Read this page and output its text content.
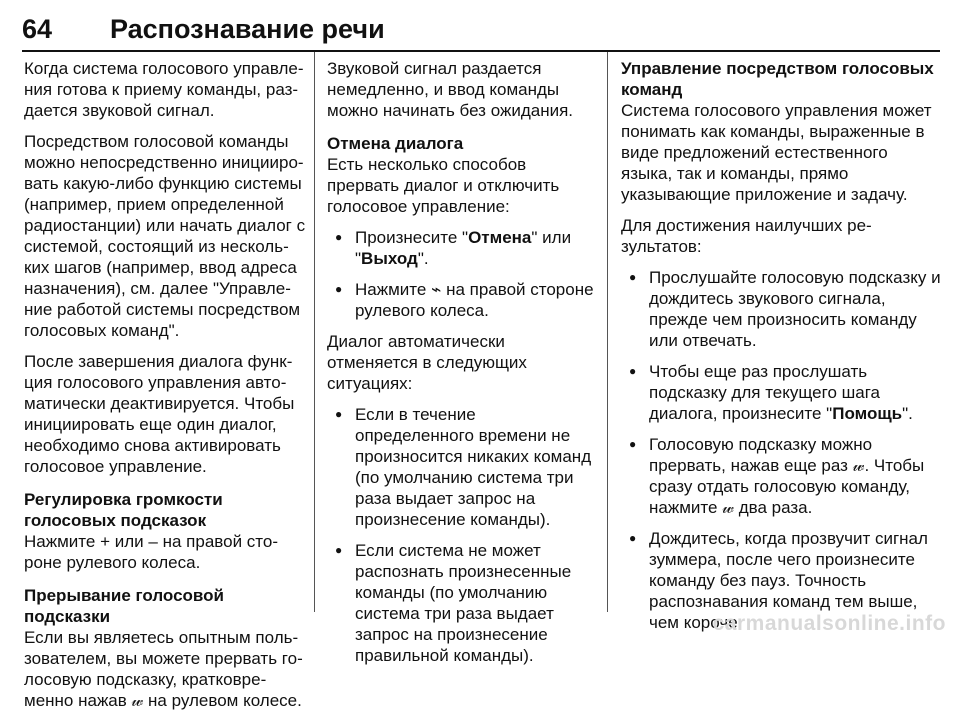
64 Распознавание речи

Когда система голосового управления готова к приему команды, раздается звуковой сигнал.

Посредством голосовой команды можно непосредственно инициировать какую-либо функцию системы (например, прием определенной радиостанции) или начать диалог с системой, состоящий из нескольких шагов (например, ввод адреса назначения), см. далее "Управление работой системы посредством голосовых команд".

После завершения диалога функция голосового управления автоматически деактивируется. Чтобы инициировать еще один диалог, необходимо снова активировать голосовое управление.

Регулировка громкости голосовых подсказок

Нажмите + или – на правой стороне рулевого колеса.

Прерывание голосовой подсказки

Если вы являетесь опытным пользователем, вы можете прервать голосовую подсказку, кратковременно нажав 𝓌 на рулевом колесе.

Звуковой сигнал раздается немедленно, и ввод команды можно начинать без ожидания.

Отмена диалога

Есть несколько способов прервать диалог и отключить голосовое управление:

● Произнесите "Отмена" или "Выход".
● Нажмите ⌁ на правой стороне рулевого колеса.

Диалог автоматически отменяется в следующих ситуациях:

● Если в течение определенного времени не произносится никаких команд (по умолчанию система три раза выдает запрос на произнесение команды).
● Если система не может распознать произнесенные команды (по умолчанию система три раза выдает запрос на произнесение правильной команды).
Управление посредством голосовых команд

Система голосового управления может понимать как команды, выраженные в виде предложений естественного языка, так и команды, прямо указывающие приложение и задачу.

Для достижения наилучших результатов:

● Прослушайте голосовую подсказку и дождитесь звукового сигнала, прежде чем произносить команду или отвечать.
● Чтобы еще раз прослушать подсказку для текущего шага диалога, произнесите "Помощь".
● Голосовую подсказку можно прервать, нажав еще раз 𝓌. Чтобы сразу отдать голосовую команду, нажмите 𝓌 два раза.
● Дождитесь, когда прозвучит сигнал зуммера, после чего произнесите команду без пауз. Точность распознавания команд тем выше, чем короче
carmanualsonline.info
